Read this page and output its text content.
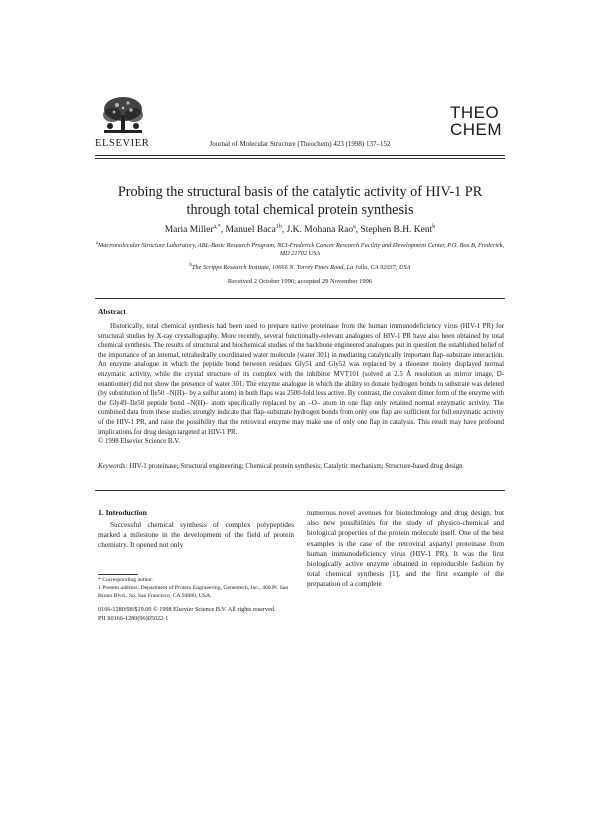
ELSEVIER	Journal of Molecular Structure (Theochem) 423 (1998) 137–152
THEO
CHEM
Probing the structural basis of the catalytic activity of HIV-1 PR
through total chemical protein synthesis
Maria Miller$^{a,*}$, Manuel Baca$^{1b}$, J.K. Mohana Rao$^a$, Stephen B.H. Kent$^b$
$^a$Macromolecular Structure Laboratory, ABL-Basic Research Program, NCI-Frederick Cancer Research Facility and Development Center, P.O. Box B, Frederick, MD 21702 USA
$^b$The Scripps Research Institute, 10666 N. Torrey Pines Road, La Jolla, CA 92037, USA
Received 2 October 1996; accepted 29 November 1996
Abstract

Historically, total chemical synthesis had been used to prepare native proteinase from the human immunodeficiency virus (HIV-1 PR) for structural studies by X-ray crystallography. More recently, several functionally-relevant analogues of HIV-1 PR have also been obtained by total chemical synthesis. The results of structural and biochemical studies of the backbone engineered analogues put in question the established belief of the importance of an internal, tetrahedrally coordinated water molecule (water 301) in mediating catalytically important flap–substrate interaction. An enzyme analogue in which the peptide bond between residues Gly51 and Gly52 was replaced by a thioester moiety displayed normal enzymatic activity, while the crystal structure of its complex with the inhibitor MVT101 (solved at 2.5 Å resolution as mirror image, D-enantiomer) did not show the presence of water 301. The enzyme analogue in which the ability to donate hydrogen bonds to substrate was deleted (by substitution of Ile50 –N(H)– by a sulfur atom) in both flaps was 2500-fold less active. By contrast, the covalent dimer form of the enzyme with the Gly49–Ile50 peptide bond –N(H)– atom specifically replaced by an –O– atom in one flap only retained normal enzymatic activity. The combined data from these studies strongly indicate that flap–substrate hydrogen bonds from only one flap are sufficient for full enzymatic activity of the HIV-1 PR, and raise the possibility that the retroviral enzyme may make use of only one flap in catalysis. This result may have profound implications for drug design targeted at HIV-1 PR.
© 1998 Elsevier Science B.V.

Keywords: HIV-1 proteinase; Structural engineering; Chemical protein synthesis; Catalytic mechanism; Structure-based drug design

1. Introduction

Successful chemical synthesis of complex polypeptides marked a milestone in the development of the field of protein chemistry. It opened not only

numerous novel avenues for biotechnology and drug design, but also new possibilities for the study of physico-chemical and biological properties of the protein molecule itself. One of the best examples is the case of the retroviral aspartyl proteinase from human immunodeficiency virus (HIV-1 PR). It was the first biologically active enzyme obtained in reproducible fashion by total chemical synthesis [1], and the first example of the preparation of a complete

* Corresponding author.
1 Present address: Department of Protein Engineering, Genentech, Inc., 460 Pt. San Bruno Blvd., So. San Francisco, CA 94080, USA.
0166-1280/98/$19.00 © 1998 Elsevier Science B.V. All rights reserved.
PII S0166-1280(96)05022-1
